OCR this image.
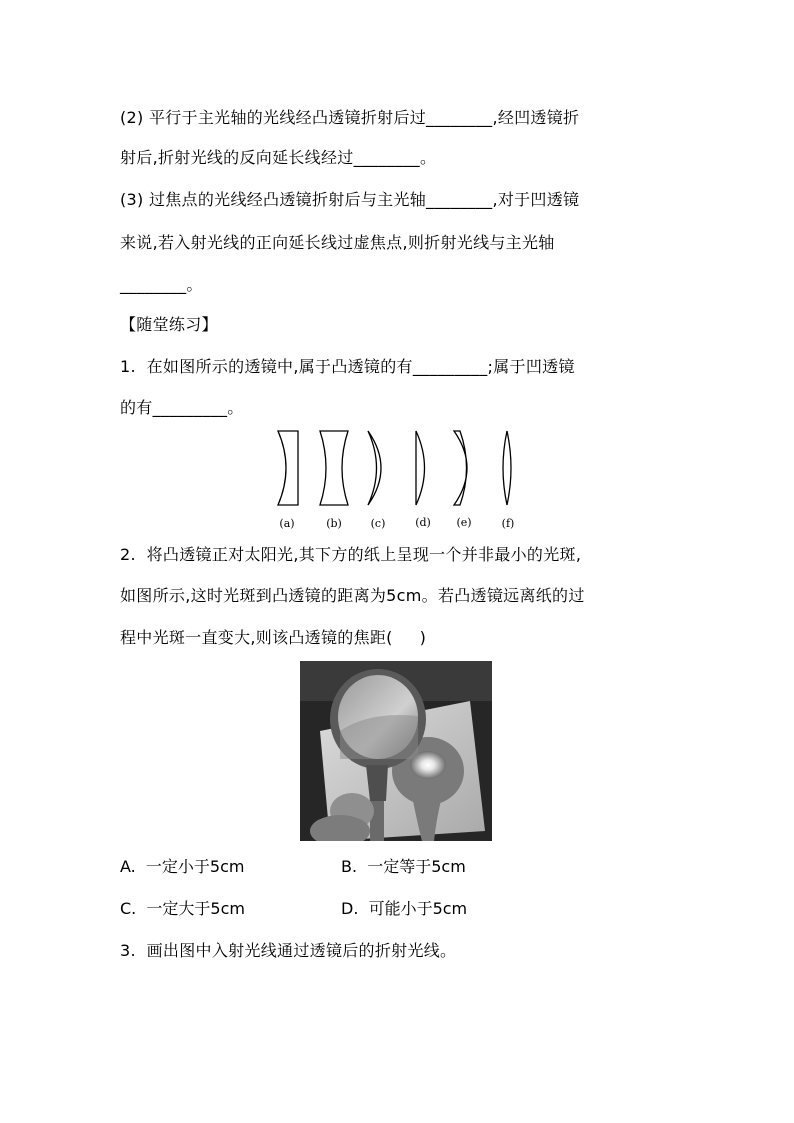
(2) 平行于主光轴的光线经凸透镜折射后过________,经凹透镜折
射后,折射光线的反向延长线经过________。
(3) 过焦点的光线经凸透镜折射后与主光轴________,对于凹透镜
来说,若入射光线的正向延长线过虚焦点,则折射光线与主光轴
________。
【随堂练习】
1.  在如图所示的透镜中,属于凸透镜的有_________;属于凹透镜
的有_________。
(a)	(b)	(c)	(d) (e)	(f)
2.  将凸透镜正对太阳光,其下方的纸上呈现一个并非最小的光斑,
如图所示,这时光斑到凸透镜的距离为5cm。若凸透镜远离纸的过
程中光斑一直变大,则该凸透镜的焦距(     )
A.  一定小于5cm	B.  一定等于5cm
C.  一定大于5cm	D.  可能小于5cm
3.  画出图中入射光线通过透镜后的折射光线。
